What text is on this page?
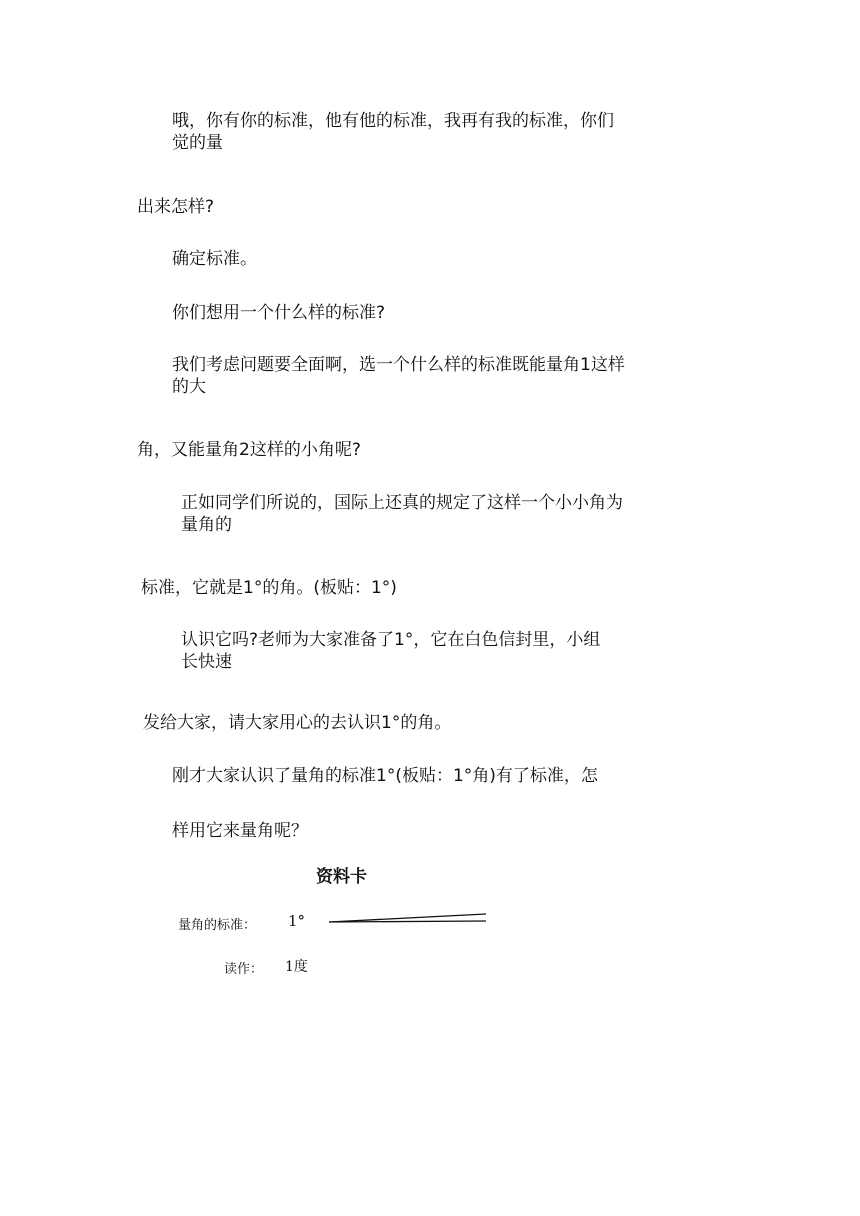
哦，你有你的标准，他有他的标准，我再有我的标准，你们
觉的量
出来怎样?
确定标准。
你们想用一个什么样的标准?
我们考虑问题要全面啊，选一个什么样的标准既能量角1这样
的大
角，又能量角2这样的小角呢?
正如同学们所说的，国际上还真的规定了这样一个小小角为
量角的
标准，它就是1°的角。(板贴：1°)
认识它吗?老师为大家准备了1°，它在白色信封里，小组
长快速
发给大家，请大家用心的去认识1°的角。
刚才大家认识了量角的标准1°(板贴：1°角)有了标准，怎
样用它来量角呢？
资料卡
量角的标准： 1°
读作： 1度
